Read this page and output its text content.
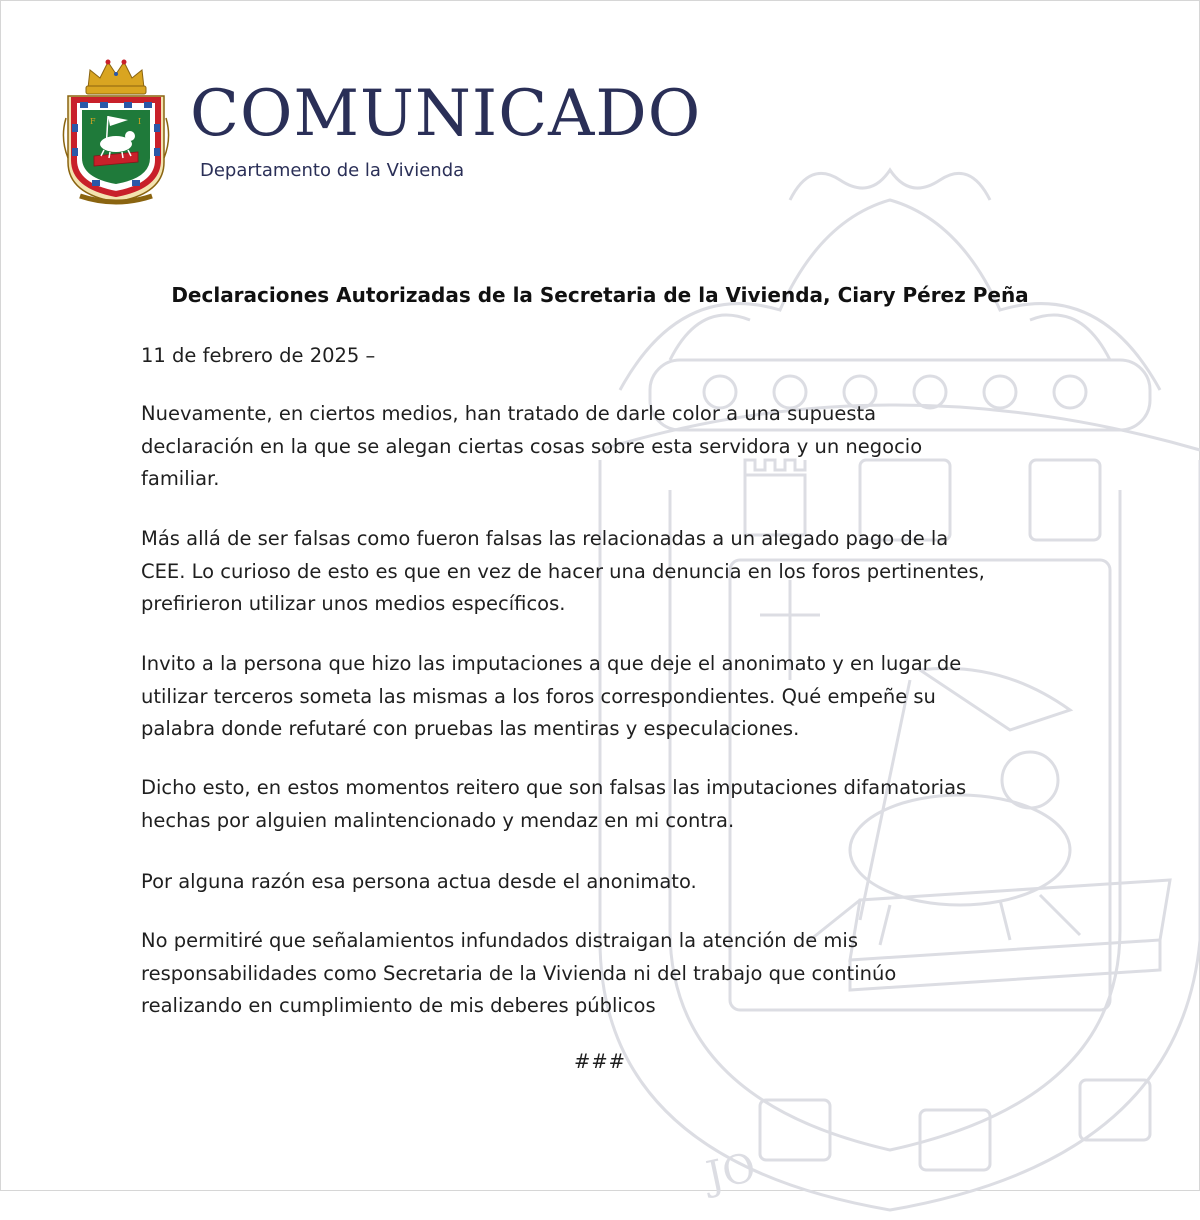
JO
F	I COMUNICADO

Departamento de la Vivienda

Declaraciones Autorizadas de la Secretaria de la Vivienda, Ciary Pérez Peña

11 de febrero de 2025 –

Nuevamente, en ciertos medios, han tratado de darle color a una supuesta
declaración en la que se alegan ciertas cosas sobre esta servidora y un negocio
familiar.

Más allá de ser falsas como fueron falsas las relacionadas a un alegado pago de la
CEE. Lo curioso de esto es que en vez de hacer una denuncia en los foros pertinentes,
prefirieron utilizar unos medios específicos.

Invito a la persona que hizo las imputaciones a que deje el anonimato y en lugar de
utilizar terceros someta las mismas a los foros correspondientes. Qué empeñe su
palabra donde refutaré con pruebas las mentiras y especulaciones.

Dicho esto, en estos momentos reitero que son falsas las imputaciones difamatorias
hechas por alguien malintencionado y mendaz en mi contra.

Por alguna razón esa persona actua desde el anonimato.

No permitiré que señalamientos infundados distraigan la atención de mis
responsabilidades como Secretaria de la Vivienda ni del trabajo que continúo
realizando en cumplimiento de mis deberes públicos

###
